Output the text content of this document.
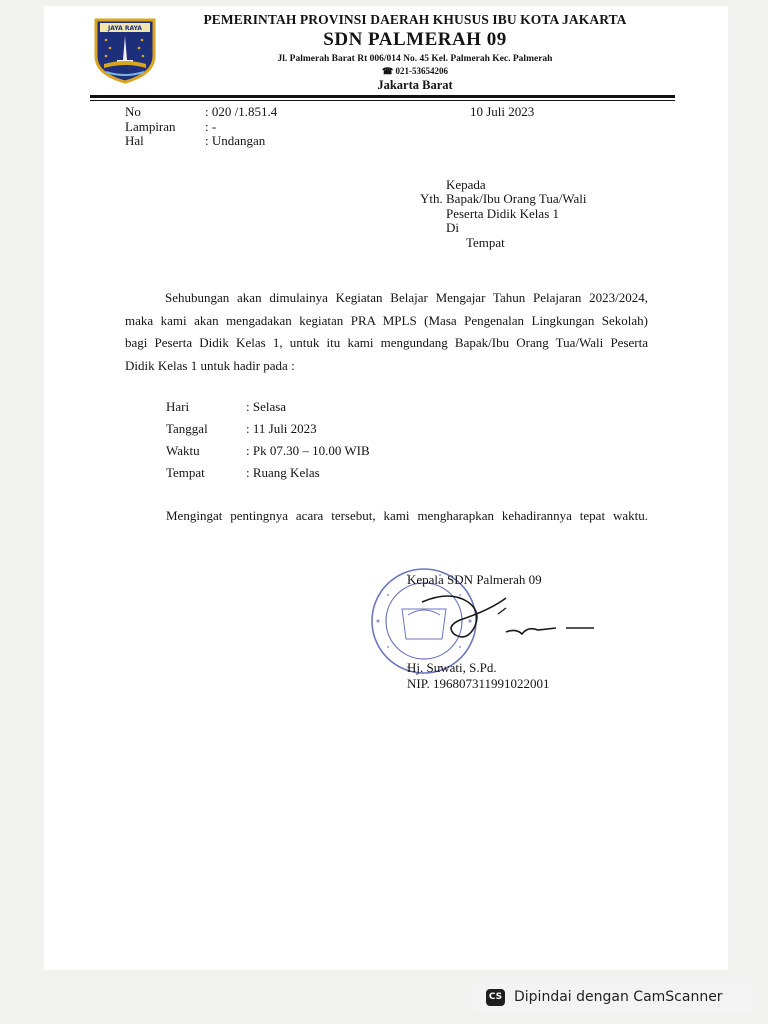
JAYA RAYA
PEMERINTAH PROVINSI DAERAH KHUSUS IBU KOTA JAKARTA
SDN PALMERAH 09
Jl. Palmerah Barat Rt 006/014 No. 45 Kel. Palmerah Kec. Palmerah
☎ 021-53654206
Jakarta Barat
No	: 020 /1.851.4
Lampiran : -
Hal	: Undangan
10 Juli 2023
Kepada
Yth. Bapak/Ibu Orang Tua/Wali
Peserta Didik Kelas 1
Di
Tempat
Sehubungan akan dimulainya Kegiatan Belajar Mengajar Tahun Pelajaran 2023/2024,
maka kami akan mengadakan kegiatan PRA MPLS (Masa Pengenalan Lingkungan Sekolah)
bagi Peserta Didik Kelas 1, untuk itu kami mengundang Bapak/Ibu Orang Tua/Wali Peserta
Didik Kelas 1 untuk hadir pada :
Hari	: Selasa
Tanggal	: 11 Juli 2023
Waktu	: Pk 07.30 – 10.00 WIB
Tempat	: Ruang Kelas
Mengingat pentingnya acara tersebut, kami mengharapkan kehadirannya tepat waktu.
Kepala SDN Palmerah 09
Hj. Suwati, S.Pd.
NIP. 196807311991022001
CS Dipindai dengan CamScanner
